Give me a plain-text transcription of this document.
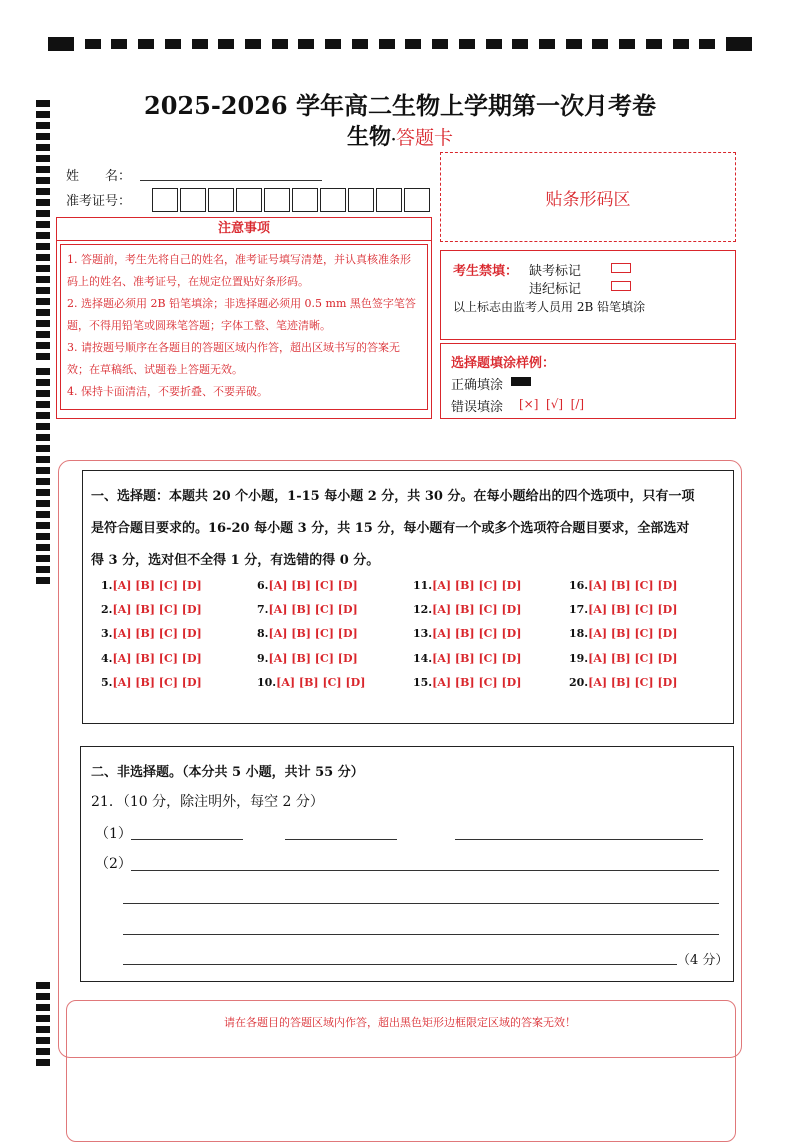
2025-2026 学年高二生物上学期第一次月考卷
生物·答题卡
姓　　名：
准考证号：	贴条形码区
注意事项
1. 答题前，考生先将自己的姓名，准考证号填写清楚，并认真核准条形码上的姓名、准考证号，在规定位置贴好条形码。
2. 选择题必须用 2B 铅笔填涂；非选择题必须用 0.5 mm 黑色签字笔答题，不得用铅笔或圆珠笔答题；字体工整、笔迹清晰。
3. 请按题号顺序在各题目的答题区域内作答，超出区域书写的答案无效；在草稿纸、试题卷上答题无效。
4. 保持卡面清洁，不要折叠、不要弄破。
考生禁填： 缺考标记
违纪标记
以上标志由监考人员用 2B 铅笔填涂
选择题填涂样例：
正确填涂
错误填涂 [×]  [√]  [/]
一、选择题：本题共 20 个小题，1-15 每小题 2 分，共 30 分。在每小题给出的四个选项中，只有一项
是符合题目要求的。16-20 每小题 3 分，共 15 分，每小题有一个或多个选项符合题目要求，全部选对
得 3 分，选对但不全得 1 分，有选错的得 0 分。
1.[A] [B] [C] [D]
2.[A] [B] [C] [D]
3.[A] [B] [C] [D]
4.[A] [B] [C] [D]
5.[A] [B] [C] [D]
6.[A] [B] [C] [D]
7.[A] [B] [C] [D]
8.[A] [B] [C] [D]
9.[A] [B] [C] [D]
10.[A] [B] [C] [D]
11.[A] [B] [C] [D]
12.[A] [B] [C] [D]
13.[A] [B] [C] [D]
14.[A] [B] [C] [D]
15.[A] [B] [C] [D]
16.[A] [B] [C] [D]
17.[A] [B] [C] [D]
18.[A] [B] [C] [D]
19.[A] [B] [C] [D]
20.[A] [B] [C] [D]
二、非选择题。（本分共 5 小题，共计 55 分）
21．（10 分，除注明外，每空 2 分）
（1）
（2）
（4 分）
请在各题目的答题区域内作答，超出黑色矩形边框限定区域的答案无效！
